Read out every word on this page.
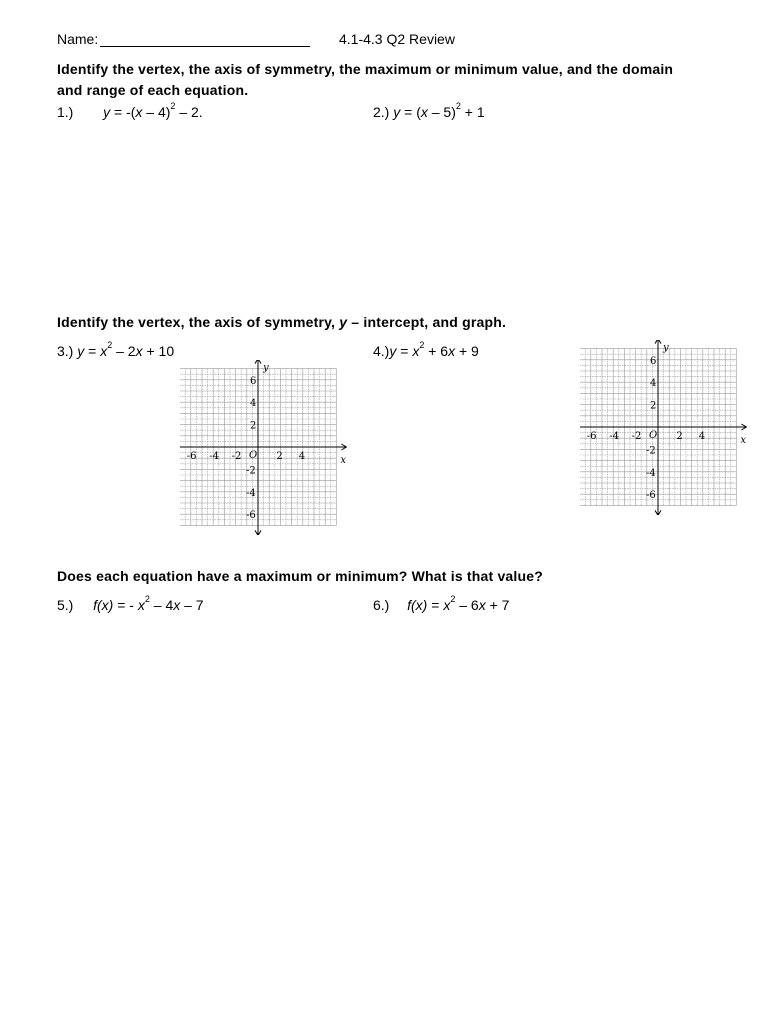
Name:	4.1-4.3 Q2 Review
Identify the vertex, the axis of symmetry, the maximum or minimum value, and the domain
and range of each equation.
1.) y = -(x – 4)$^2$ – 2.	2.) y = (x – 5)$^2$ + 1
Identify the vertex, the axis of symmetry, y – intercept, and graph.
3.) $y = x^2 - 2x + 10$	$4.)y = x^2 + 6x + 9$
-6 -4 -2	2 4
6
4
2
-2
-4
-6
O	x
y
-6 -4 -2	2 4
6
4
2
-2
-4
-6
O	x
y
Does each equation have a maximum or minimum? What is that value?
5.) f(x) = - $x^2 - 4x - 7$	6.) $f(x) = x^2 - 6x + 7$
